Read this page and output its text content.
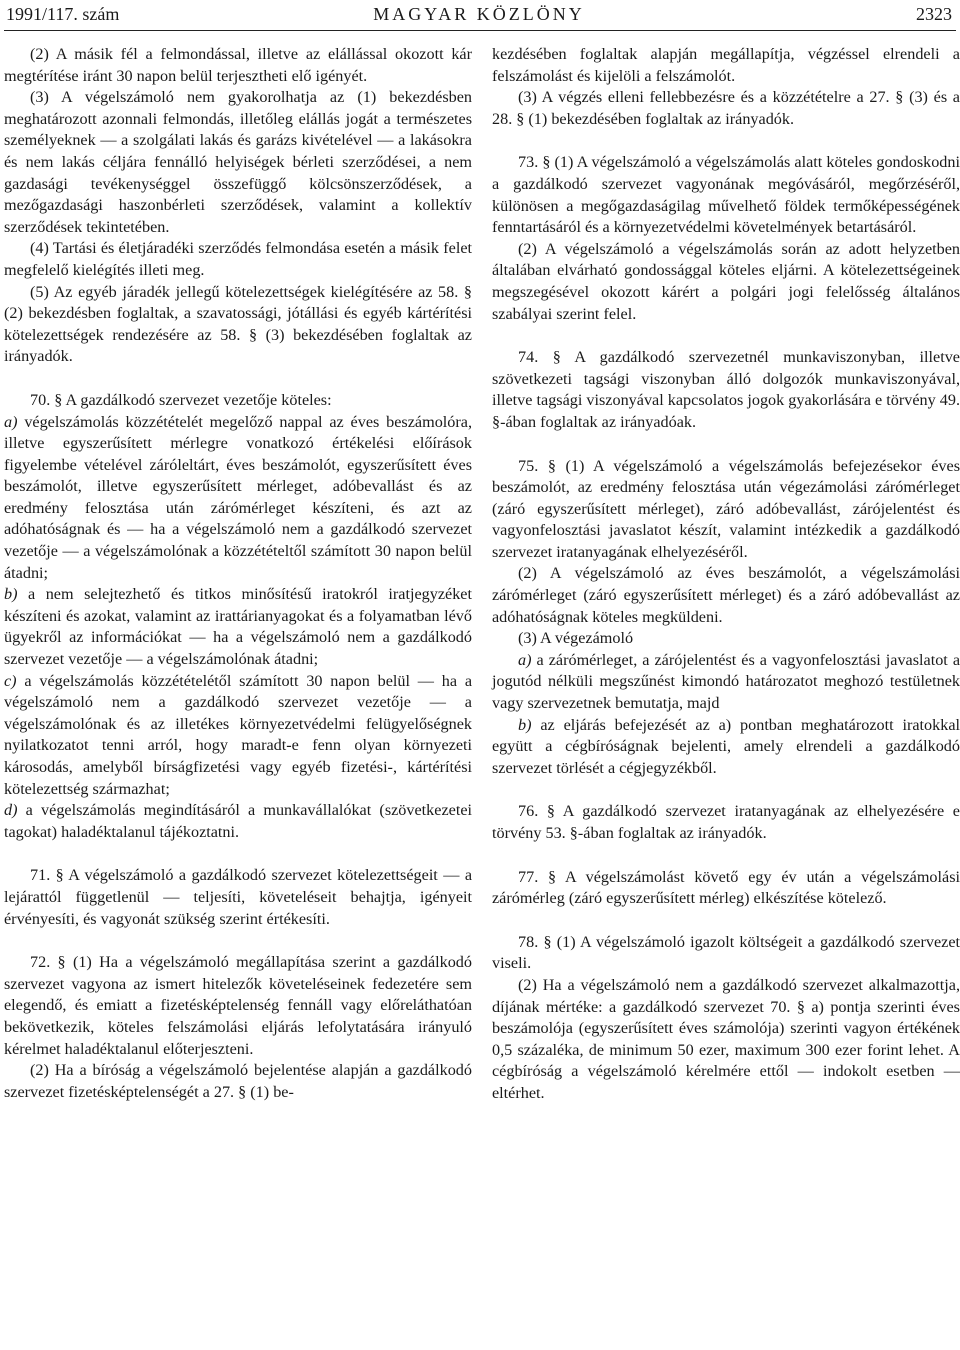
1991/117. szám	MAGYAR KÖZLÖNY	2323

(2) A másik fél a felmondással, illetve az elállással okozott kár megtérítése iránt 30 napon belül terjesztheti elő igényét.

(3) A végelszámoló nem gyakorolhatja az (1) bekezdésben meghatározott azonnali felmondás, illetőleg elállás jogát a természetes személyeknek — a szolgálati lakás és garázs kivételével — a lakásokra és nem lakás céljára fennálló helyiségek bérleti szerződései, a nem gazdasági tevékenységgel összefüggő kölcsönszerződések, a mezőgazdasági haszonbérleti szerződések, valamint a kollektív szerződések tekintetében.

(4) Tartási és életjáradéki szerződés felmondása esetén a másik felet megfelelő kielégítés illeti meg.

(5) Az egyéb járadék jellegű kötelezettségek kielégítésére az 58. § (2) bekezdésben foglaltak, a szavatossági, jótállási és egyéb kártérítési kötelezettségek rendezésére az 58. § (3) bekezdésében foglaltak az irányadók.

70. § A gazdálkodó szervezet vezetője köteles:

a) végelszámolás közzétételét megelőző nappal az éves beszámolóra, illetve egyszerűsített mérlegre vonatkozó értékelési előírások figyelembe vételével záróleltárt, éves beszámolót, egyszerűsített éves beszámolót, illetve egyszerűsített mérleget, adóbevallást és az eredmény felosztása után zárómérleget készíteni, és azt az adóhatóságnak és — ha a végelszámoló nem a gazdálkodó szervezet vezetője — a végelszámolónak a közzétételtől számított 30 napon belül átadni;

b) a nem selejtezhető és titkos minősítésű iratokról iratjegyzéket készíteni és azokat, valamint az irattárianyagokat és a folyamatban lévő ügyekről az információkat — ha a végelszámoló nem a gazdálkodó szervezet vezetője — a végelszámolónak átadni;

c) a végelszámolás közzétételétől számított 30 napon belül — ha a végelszámoló nem a gazdálkodó szervezet vezetője — a végelszámolónak és az illetékes környezetvédelmi felügyelőségnek nyilatkozatot tenni arról, hogy maradt-e fenn olyan környezeti károsodás, amelyből bírságfizetési vagy egyéb fizetési-, kártérítési kötelezettség származhat;

d) a végelszámolás megindításáról a munkavállalókat (szövetkezetei tagokat) haladéktalanul tájékoztatni.

71. § A végelszámoló a gazdálkodó szervezet kötelezettségeit — a lejárattól függetlenül — teljesíti, követeléseit behajtja, igényeit érvényesíti, és vagyonát szükség szerint értékesíti.

72. § (1) Ha a végelszámoló megállapítása szerint a gazdálkodó szervezet vagyona az ismert hitelezők követeléseinek fedezetére sem elegendő, és emiatt a fizetésképtelenség fennáll vagy előreláthatóan bekövetkezik, köteles felszámolási eljárás lefolytatására irányuló kérelmet haladéktalanul előterjeszteni.

(2) Ha a bíróság a végelszámoló bejelentése alapján a gazdálkodó szervezet fizetésképtelenségét a 27. § (1) be-

kezdésében foglaltak alapján megállapítja, végzéssel elrendeli a felszámolást és kijelöli a felszámolót.

(3) A végzés elleni fellebbezésre és a közzétételre a 27. § (3) és a 28. § (1) bekezdésében foglaltak az irányadók.

73. § (1) A végelszámoló a végelszámolás alatt köteles gondoskodni a gazdálkodó szervezet vagyonának megóvásáról, megőrzéséről, különösen a megőgazdaságilag művelhető földek termőképességének fenntartásáról és a környezetvédelmi követelmények betartásáról.

(2) A végelszámoló a végelszámolás során az adott helyzetben általában elvárható gondossággal köteles eljárni. A kötelezettségeinek megszegésével okozott kárért a polgári jogi felelősség általános szabályai szerint felel.

74. § A gazdálkodó szervezetnél munkaviszonyban, illetve szövetkezeti tagsági viszonyban álló dolgozók munkaviszonyával, illetve tagsági viszonyával kapcsolatos jogok gyakorlására e törvény 49. §-ában foglaltak az irányadóak.

75. § (1) A végelszámoló a végelszámolás befejezésekor éves beszámolót, az eredmény felosztása után végezámolási zárómérleget (záró egyszerűsített mérleget), záró adóbevallást, zárójelentést és vagyonfelosztási javaslatot készít, valamint intézkedik a gazdálkodó szervezet iratanyagának elhelyezéséről.

(2) A végelszámoló az éves beszámolót, a végelszámolási zárómérleget (záró egyszerűsített mérleget) és a záró adóbevallást az adóhatóságnak köteles megküldeni.

(3) A végezámoló

a) a zárómérleget, a zárójelentést és a vagyonfelosztási javaslatot a jogutód nélküli megszűnést kimondó határozatot meghozó testületnek vagy szervezetnek bemutatja, majd

b) az eljárás befejezését az a) pontban meghatározott iratokkal együtt a cégbíróságnak bejelenti, amely elrendeli a gazdálkodó szervezet törlését a cégjegyzékből.

76. § A gazdálkodó szervezet iratanyagának az elhelyezésére e törvény 53. §-ában foglaltak az irányadók.

77. § A végelszámolást követő egy év után a végelszámolási zárómérleg (záró egyszerűsített mérleg) elkészítése kötelező.

78. § (1) A végelszámoló igazolt költségeit a gazdálkodó szervezet viseli.

(2) Ha a végelszámoló nem a gazdálkodó szervezet alkalmazottja, díjának mértéke: a gazdálkodó szervezet 70. § a) pontja szerinti éves beszámolója (egyszerűsített éves számolója) szerinti vagyon értékének 0,5 százaléka, de minimum 50 ezer, maximum 300 ezer forint lehet. A cégbíróság a végelszámoló kérelmére ettől — indokolt esetben — eltérhet.
